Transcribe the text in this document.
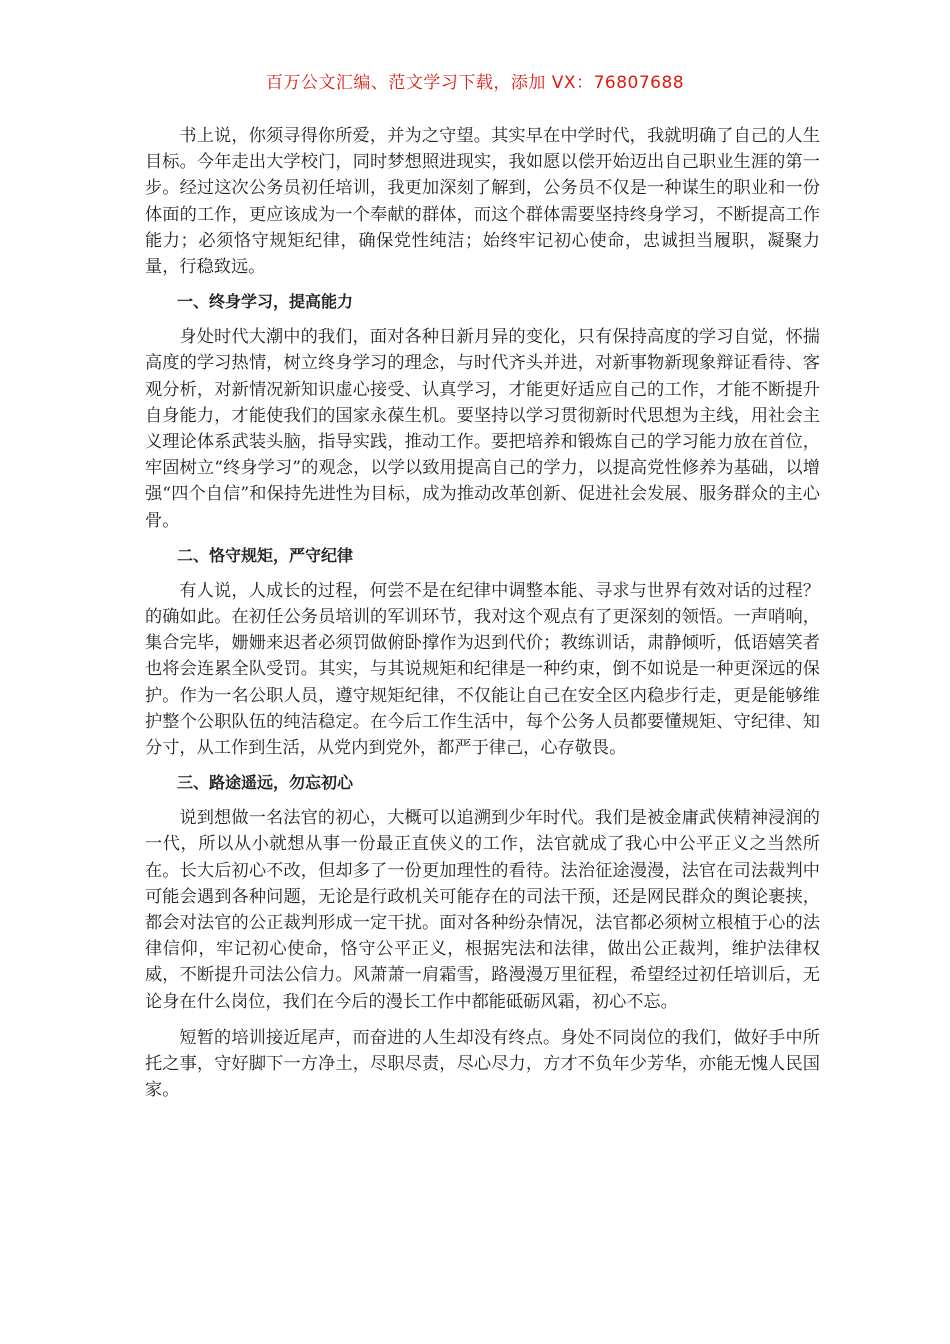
百万公文汇编、范文学习下载，添加 VX：76807688

书上说，你须寻得你所爱，并为之守望。其实早在中学时代，我就明确了自己的人生目标。今年走出大学校门，同时梦想照进现实，我如愿以偿开始迈出自己职业生涯的第一步。经过这次公务员初任培训，我更加深刻了解到，公务员不仅是一种谋生的职业和一份体面的工作，更应该成为一个奉献的群体，而这个群体需要坚持终身学习，不断提高工作能力；必须恪守规矩纪律，确保党性纯洁；始终牢记初心使命，忠诚担当履职，凝聚力量，行稳致远。

一、终身学习，提高能力

身处时代大潮中的我们，面对各种日新月异的变化，只有保持高度的学习自觉，怀揣高度的学习热情，树立终身学习的理念，与时代齐头并进，对新事物新现象辩证看待、客观分析，对新情况新知识虚心接受、认真学习，才能更好适应自己的工作，才能不断提升自身能力，才能使我们的国家永葆生机。要坚持以学习贯彻新时代思想为主线，用社会主义理论体系武装头脑，指导实践，推动工作。要把培养和锻炼自己的学习能力放在首位，牢固树立“终身学习”的观念，以学以致用提高自己的学力，以提高党性修养为基础，以增强“四个自信”和保持先进性为目标，成为推动改革创新、促进社会发展、服务群众的主心骨。

二、恪守规矩，严守纪律

有人说，人成长的过程，何尝不是在纪律中调整本能、寻求与世界有效对话的过程？的确如此。在初任公务员培训的军训环节，我对这个观点有了更深刻的领悟。一声哨响，集合完毕，姗姗来迟者必须罚做俯卧撑作为迟到代价；教练训话，肃静倾听，低语嬉笑者也将会连累全队受罚。其实，与其说规矩和纪律是一种约束，倒不如说是一种更深远的保护。作为一名公职人员，遵守规矩纪律，不仅能让自己在安全区内稳步行走，更是能够维护整个公职队伍的纯洁稳定。在今后工作生活中，每个公务人员都要懂规矩、守纪律、知分寸，从工作到生活，从党内到党外，都严于律己，心存敬畏。

三、路途遥远，勿忘初心

说到想做一名法官的初心，大概可以追溯到少年时代。我们是被金庸武侠精神浸润的一代，所以从小就想从事一份最正直侠义的工作，法官就成了我心中公平正义之当然所在。长大后初心不改，但却多了一份更加理性的看待。法治征途漫漫，法官在司法裁判中可能会遇到各种问题，无论是行政机关可能存在的司法干预，还是网民群众的舆论裹挟，都会对法官的公正裁判形成一定干扰。面对各种纷杂情况，法官都必须树立根植于心的法律信仰，牢记初心使命，恪守公平正义，根据宪法和法律，做出公正裁判，维护法律权威，不断提升司法公信力。风萧萧一肩霜雪，路漫漫万里征程，希望经过初任培训后，无论身在什么岗位，我们在今后的漫长工作中都能砥砺风霜，初心不忘。

短暂的培训接近尾声，而奋进的人生却没有终点。身处不同岗位的我们，做好手中所托之事，守好脚下一方净土，尽职尽责，尽心尽力，方才不负年少芳华，亦能无愧人民国家。
